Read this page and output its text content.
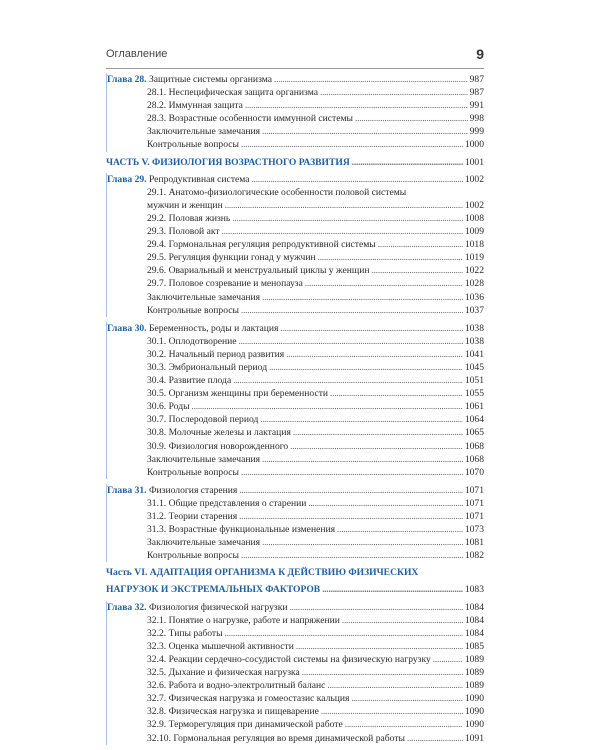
Оглавление	9
Глава 28. Защитные системы организма . . .	987
28.1. Неспецифическая защита организма . . .	987
28.2. Иммунная защита . . .	991
28.3. Возрастные особенности иммунной системы . . .	998
Заключительные замечания . . .	999
Контрольные вопросы . . .	1000
ЧАСТЬ V. ФИЗИОЛОГИЯ ВОЗРАСТНОГО РАЗВИТИЯ . . .	1001
Глава 29. Репродуктивная система . . .	1002
29.1. Анатомо-физиологические особенности половой системы
мужчин и женщин . . .	1002
29.2. Половая жизнь . . .	1008
29.3. Половой акт . . .	1009
29.4. Гормональная регуляция репродуктивной системы . . .	1018
29.5. Регуляция функции гонад у мужчин . . .	1019
29.6. Овариальный и менструальный циклы у женщин . . .	1022
29.7. Половое созревание и менопауза . . .	1028
Заключительные замечания . . .	1036
Контрольные вопросы . . .	1037
Глава 30. Беременность, роды и лактация . . .	1038
30.1. Оплодотворение . . .	1038
30.2. Начальный период развития . . .	1041
30.3. Эмбриональный период . . .	1045
30.4. Развитие плода . . .	1051
30.5. Организм женщины при беременности . . .	1055
30.6. Роды . . .	1061
30.7. Послеродовой период . . .	1064
30.8. Молочные железы и лактация . . .	1065
30.9. Физиология новорожденного . . .	1068
Заключительные замечания . . .	1068
Контрольные вопросы . . .	1070
Глава 31. Физиология старения . . .	1071
31.1. Общие представления о старении . . .	1071
31.2. Теории старения . . .	1071
31.3. Возрастные функциональные изменения . . .	1073
Заключительные замечания . . .	1081
Контрольные вопросы . . .	1082
Часть VI. АДАПТАЦИЯ ОРГАНИЗМА К ДЕЙСТВИЮ ФИЗИЧЕСКИХ
НАГРУЗОК И ЭКСТРЕМАЛЬНЫХ ФАКТОРОВ . . .	1083
Глава 32. Физиология физической нагрузки . . .	1084
32.1. Понятие о нагрузке, работе и напряжении . . .	1084
32.2. Типы работы . . .	1084
32.3. Оценка мышечной активности . . .	1085
32.4. Реакции сердечно-сосудистой системы на физическую нагрузку . . .	1089
32.5. Дыхание и физическая нагрузка . . .	1089
32.6. Работа и водно-электролитный баланс . . .	1089
32.7. Физическая нагрузка и гомеостазис кальция . . .	1090
32.8. Физическая нагрузка и пищеварение . . .	1090
32.9. Терморегуляция при динамической работе . . .	1090
32.10. Гормональная регуляция во время динамической работы . . .	1091
